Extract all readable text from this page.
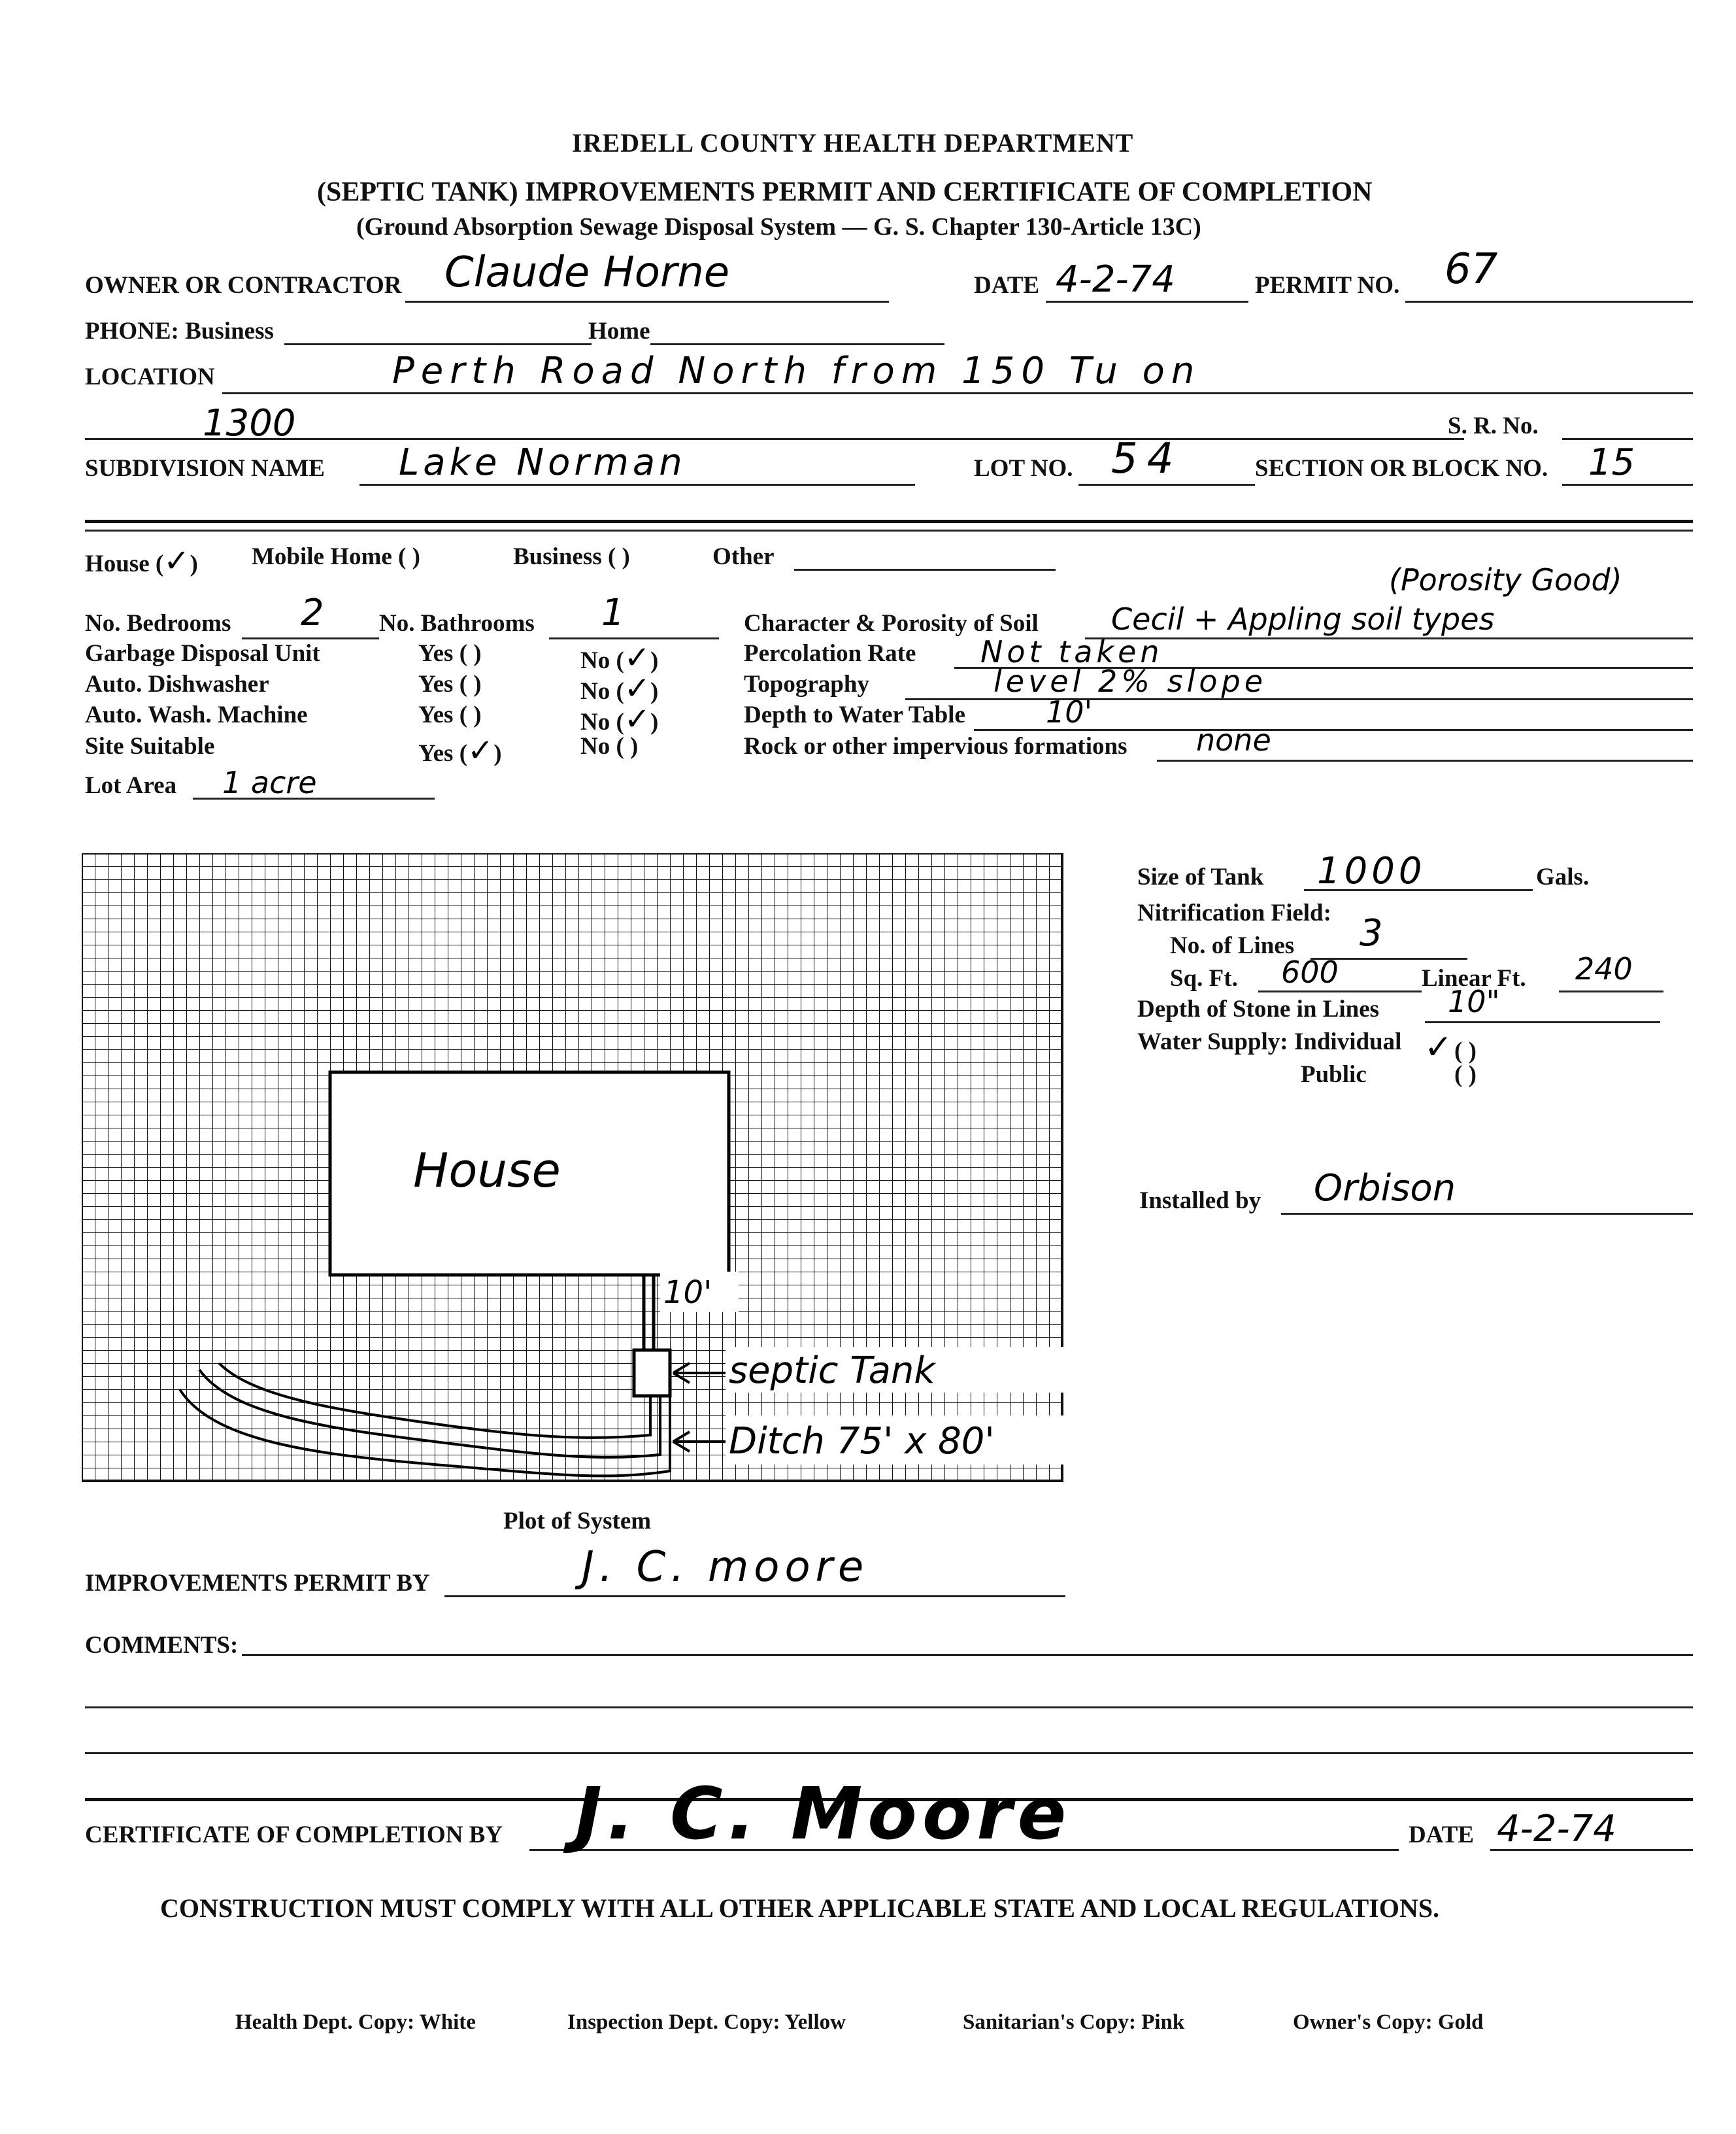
IREDELL COUNTY HEALTH DEPARTMENT
(SEPTIC TANK) IMPROVEMENTS PERMIT AND CERTIFICATE OF COMPLETION
(Ground Absorption Sewage Disposal System — G. S. Chapter 130-Article 13C)
OWNER OR CONTRACTOR Claude Horne	DATE 4-2-74	PERMIT NO. 67
PHONE: Business	Home
LOCATION	Perth Road North from 150 Tu on
1300	S. R. No.
SUBDIVISION NAME Lake Norman	LOT NO. 54	SECTION OR BLOCK NO. 15
House (✓) Mobile Home ( )	Business ( )	Other
No. Bedrooms 2 No. Bathrooms 1
Garbage Disposal Unit	Yes ( )	No (✓)
Auto. Dishwasher	Yes ( )	No (✓)
Auto. Wash. Machine	Yes ( )	No (✓)
Site Suitable	Yes (✓)	No ( )
Lot Area 1 acre
(Porosity Good)
Character & Porosity of Soil Cecil + Appling soil types
Percolation Rate Not taken
Topography	level 2% slope
Depth to Water Table	10'
Rock or other impervious formations none
House
10'
septic Tank
Ditch 75' x 80'
Plot of System
Size of Tank 1000	Gals.
Nitrification Field:
No. of Lines 3
Sq. Ft. 600	Linear Ft. 240
Depth of Stone in Lines 10"
Water Supply: Individual ( )✓
Public	( )
Installed by Orbison
IMPROVEMENTS PERMIT BY	J. C. moore
COMMENTS:
CERTIFICATE OF COMPLETION BY J. C. Moore	DATE 4-2-74
CONSTRUCTION MUST COMPLY WITH ALL OTHER APPLICABLE STATE AND LOCAL REGULATIONS.
Health Dept. Copy: White	Inspection Dept. Copy: Yellow	Sanitarian's Copy: Pink	Owner's Copy: Gold
